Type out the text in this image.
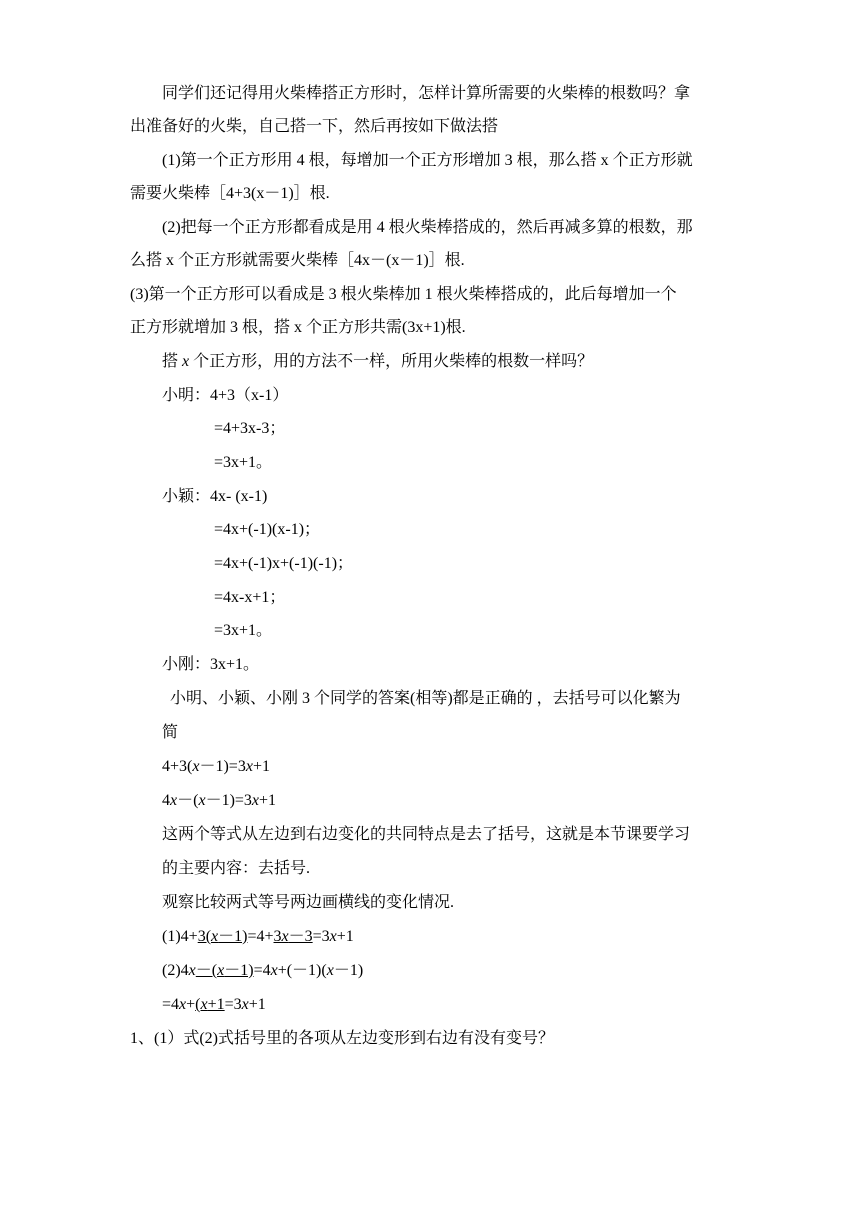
同学们还记得用火柴棒搭正方形时，怎样计算所需要的火柴棒的根数吗？拿
出准备好的火柴，自己搭一下，然后再按如下做法搭
(1)第一个正方形用 4 根，每增加一个正方形增加 3 根，那么搭 x 个正方形就
需要火柴棒［4+3(x－1)］根.
(2)把每一个正方形都看成是用 4 根火柴棒搭成的，然后再减多算的根数，那
么搭 x 个正方形就需要火柴棒［4x－(x－1)］根.
(3)第一个正方形可以看成是 3 根火柴棒加 1 根火柴棒搭成的，此后每增加一个
正方形就增加 3 根，搭 x 个正方形共需(3x+1)根.
搭 x 个正方形，用的方法不一样，所用火柴棒的根数一样吗？
小明：4+3（x-1）
=4+3x-3；
=3x+1。
小颖：4x- (x-1)
=4x+(-1)(x-1)；
=4x+(-1)x+(-1)(-1)；
=4x-x+1；
=3x+1。
小刚：3x+1。
小明、小颖、小刚 3 个同学的答案(相等)都是正确的 ，去括号可以化繁为
简
4+3(x－1)=3x+1
4x－(x－1)=3x+1
这两个等式从左边到右边变化的共同特点是去了括号，这就是本节课要学习
的主要内容：去括号.
观察比较两式等号两边画横线的变化情况.
(1)4+3(x－1)=4+3x－3=3x+1
(2)4x－(x－1)=4x+(－1)(x－1)
=4x+(x+1=3x+1
1、(1）式(2)式括号里的各项从左边变形到右边有没有变号？
